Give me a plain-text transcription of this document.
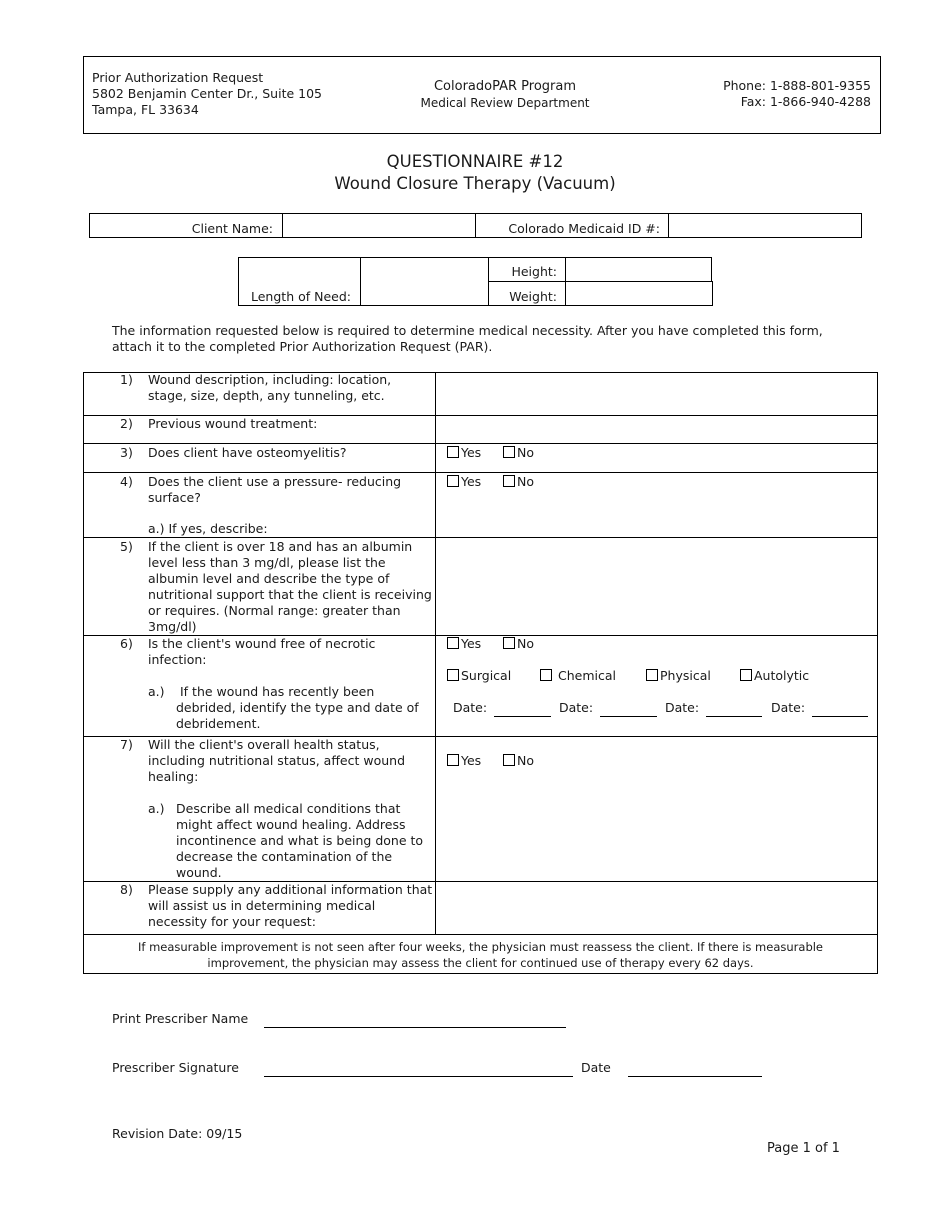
Prior Authorization Request
5802 Benjamin Center Dr., Suite 105
Tampa, FL 33634
ColoradoPAR Program
Medical Review Department
Phone: 1-888-801-9355
Fax: 1-866-940-4288
QUESTIONNAIRE #12
Wound Closure Therapy (Vacuum)
Client Name:	Colorado Medicaid ID #:
Length of Need:
Height:
Weight:
The information requested below is required to determine medical necessity. After you have completed this form,
attach it to the completed Prior Authorization Request (PAR).
1) Wound description, including: location,
stage, size, depth, any tunneling, etc.
2) Previous wound treatment:
3) Does client have osteomyelitis?	Yes	No
4) Does the client use a pressure- reducing
surface?
a.) If yes, describe:
Yes	No
5) If the client is over 18 and has an albumin
level less than 3 mg/dl, please list the
albumin level and describe the type of
nutritional support that the client is receiving
or requires. (Normal range: greater than
3mg/dl)
6) Is the client's wound free of necrotic
infection:
a.)	If the wound has recently been
debrided, identify the type and date of
debridement.
Yes	No
Surgical	Chemical	Physical	Autolytic
Date:	Date:	Date:	Date:
7) Will the client's overall health status,
including nutritional status, affect wound
healing:
a.) Describe all medical conditions that
might affect wound healing. Address
incontinence and what is being done to
decrease the contamination of the
wound.
Yes	No
8) Please supply any additional information that
will assist us in determining medical
necessity for your request:
If measurable improvement is not seen after four weeks, the physician must reassess the client. If there is measurable
improvement, the physician may assess the client for continued use of therapy every 62 days.
Print Prescriber Name
Prescriber Signature	Date
Revision Date: 09/15
Page 1 of 1
